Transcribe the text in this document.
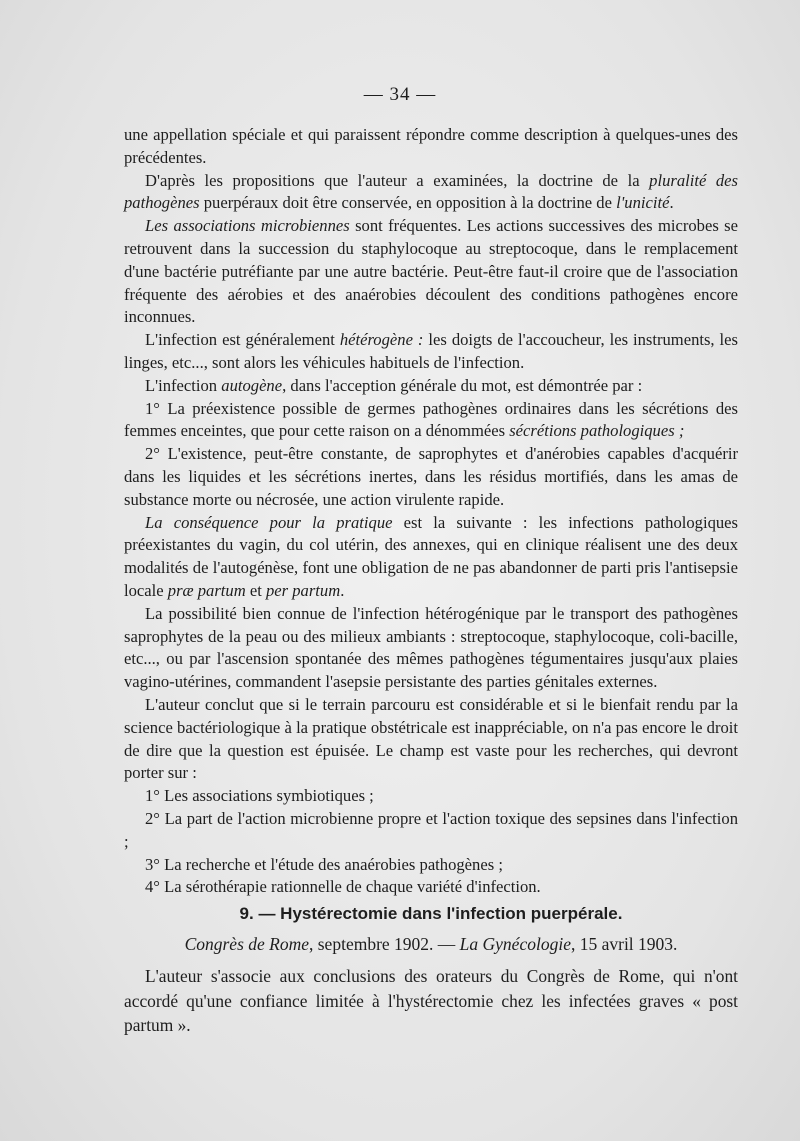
— 34 —

une appellation spéciale et qui paraissent répondre comme description à quelques-unes des précédentes.

D'après les propositions que l'auteur a examinées, la doctrine de la pluralité des pathogènes puerpéraux doit être conservée, en opposition à la doctrine de l'unicité.

Les associations microbiennes sont fréquentes. Les actions successives des microbes se retrouvent dans la succession du staphylocoque au streptocoque, dans le remplacement d'une bactérie putréfiante par une autre bactérie. Peut-être faut-il croire que de l'association fréquente des aérobies et des anaérobies découlent des conditions pathogènes encore inconnues.

L'infection est généralement hétérogène : les doigts de l'accoucheur, les instruments, les linges, etc..., sont alors les véhicules habituels de l'infection.

L'infection autogène, dans l'acception générale du mot, est démontrée par :

1° La préexistence possible de germes pathogènes ordinaires dans les sécrétions des femmes enceintes, que pour cette raison on a dénommées sécrétions pathologiques ;

2° L'existence, peut-être constante, de saprophytes et d'anérobies capables d'acquérir dans les liquides et les sécrétions inertes, dans les résidus mortifiés, dans les amas de substance morte ou nécrosée, une action virulente rapide.

La conséquence pour la pratique est la suivante : les infections pathologiques préexistantes du vagin, du col utérin, des annexes, qui en clinique réalisent une des deux modalités de l'autogénèse, font une obligation de ne pas abandonner de parti pris l'antisepsie locale præ partum et per partum.

La possibilité bien connue de l'infection hétérogénique par le transport des pathogènes saprophytes de la peau ou des milieux ambiants : streptocoque, staphylocoque, coli-bacille, etc..., ou par l'ascension spontanée des mêmes pathogènes tégumentaires jusqu'aux plaies vagino-utérines, commandent l'asepsie persistante des parties génitales externes.

L'auteur conclut que si le terrain parcouru est considérable et si le bienfait rendu par la science bactériologique à la pratique obstétricale est inappréciable, on n'a pas encore le droit de dire que la question est épuisée. Le champ est vaste pour les recherches, qui devront porter sur :

1° Les associations symbiotiques ;

2° La part de l'action microbienne propre et l'action toxique des sepsines dans l'infection ;

3° La recherche et l'étude des anaérobies pathogènes ;

4° La sérothérapie rationnelle de chaque variété d'infection.

9. — Hystérectomie dans l'infection puerpérale.
Congrès de Rome, septembre 1902. — La Gynécologie, 15 avril 1903.

L'auteur s'associe aux conclusions des orateurs du Congrès de Rome, qui n'ont accordé qu'une confiance limitée à l'hystérectomie chez les infectées graves « post partum ».
